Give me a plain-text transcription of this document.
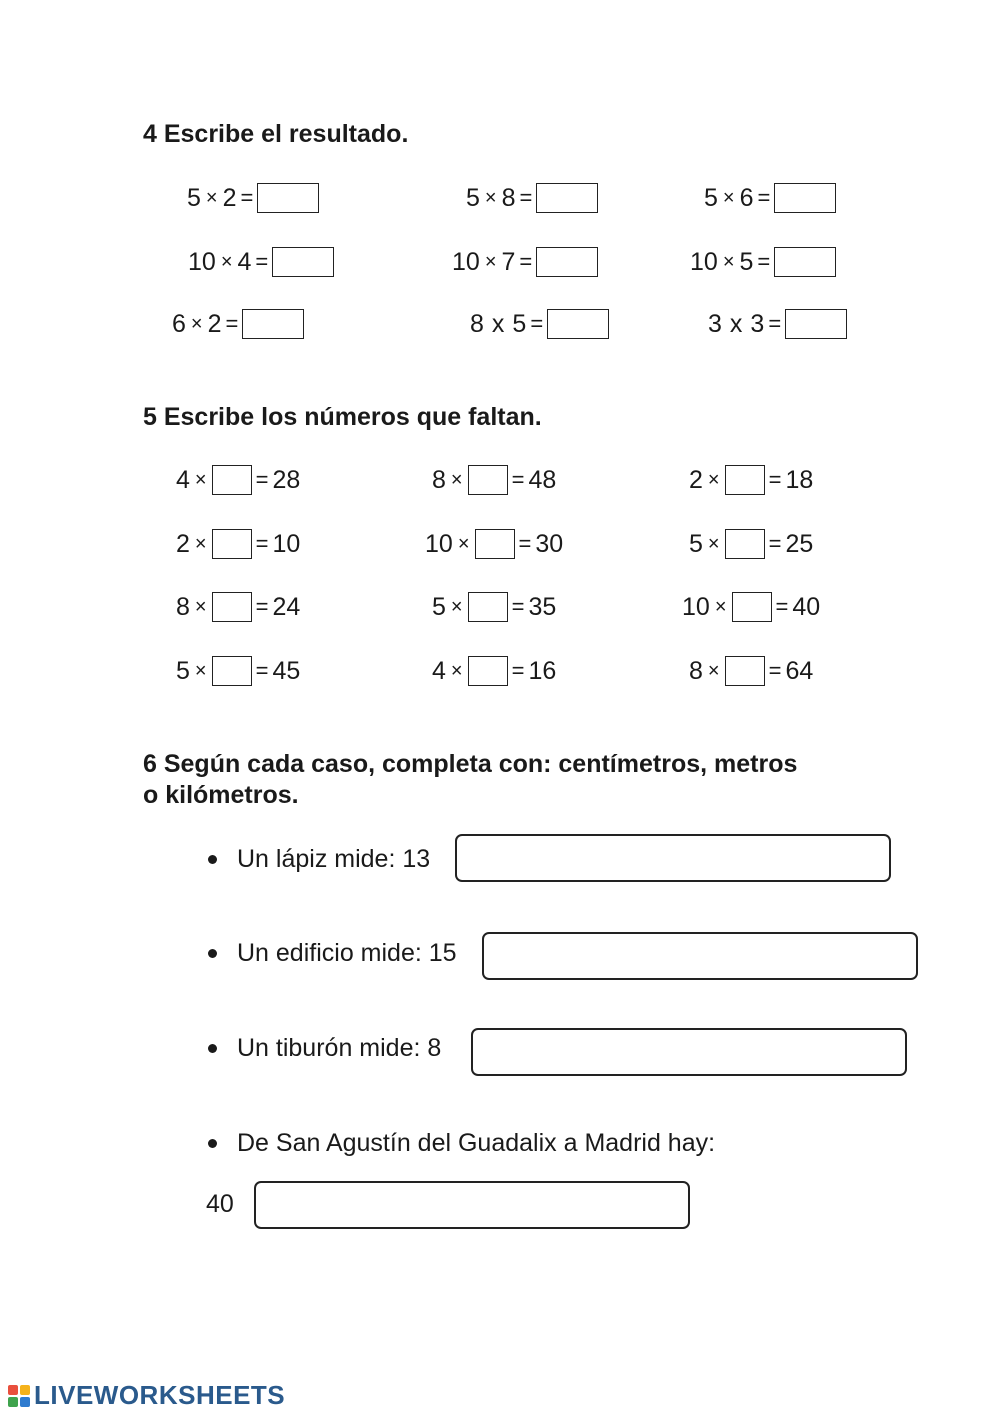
4 Escribe el resultado.
5 × 2 =	5 × 8 =	5 × 6 =
10 × 4 =	10 × 7 =	10 × 5 =
6 × 2 =	8 x 5 =	3 x 3 =
5 Escribe los números que faltan.
4 × = 28	8 × = 48	2 × = 18
2 × = 10	10 × = 30	5 × = 25
8 × = 24	5 × = 35	10 × = 40
5 × = 45	4 × = 16	8 × = 64
6 Según cada caso, completa con: centímetros, metros
o kilómetros.
Un lápiz mide: 13
Un edificio mide: 15
Un tiburón mide: 8
De San Agustín del Guadalix a Madrid hay:
40
LIVEWORKSHEETS
